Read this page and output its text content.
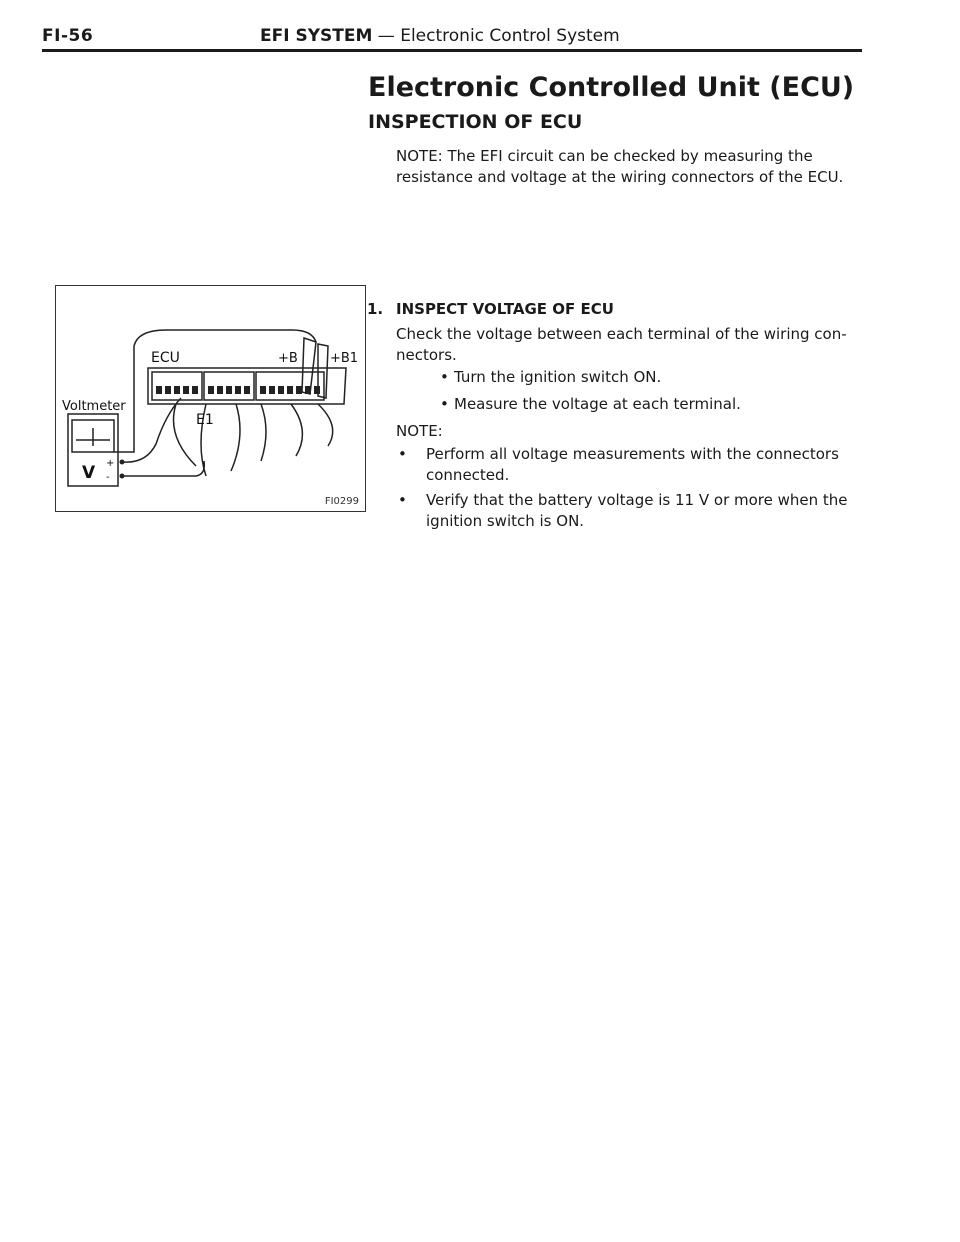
FI-56	EFI SYSTEM — Electronic Control System
Electronic Controlled Unit (ECU)
INSPECTION OF ECU
NOTE: The EFI circuit can be checked by measuring the resistance and voltage at the wiring connectors of the ECU.
ECU	+B +B1
Voltmeter
E1
V +
-
FI0299
1. INSPECT VOLTAGE OF ECU
Check the voltage between each terminal of the wiring con- nectors.
• Turn the ignition switch ON.
• Measure the voltage at each terminal.
NOTE:
• Perform all voltage measurements with the connectors connected.
• Verify that the battery voltage is 11 V or more when the ignition switch is ON.
